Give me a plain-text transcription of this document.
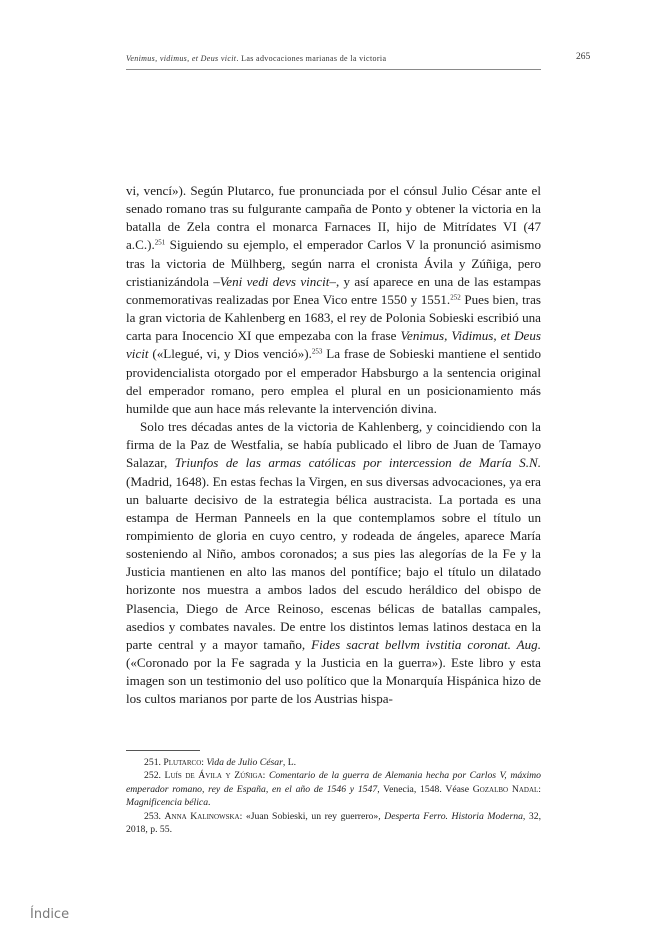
Venimus, vidimus, et Deus vicit. Las advocaciones marianas de la victoria	265

vi, vencí»). Según Plutarco, fue pronunciada por el cónsul Julio César ante el senado romano tras su fulgurante campaña de Ponto y obtener la victoria en la batalla de Zela contra el monarca Farnaces II, hijo de Mitrídates VI (47 a.C.).$^{251}$ Siguiendo su ejemplo, el emperador Carlos V la pronunció asimismo tras la victoria de Mülhberg, según narra el cronista Ávila y Zúñiga, pero cristianizándola –Veni vedi devs vincit–, y así aparece en una de las estampas conmemorativas realizadas por Enea Vico entre 1550 y 1551.$^{252}$ Pues bien, tras la gran victoria de Kahlenberg en 1683, el rey de Polonia Sobieski escribió una carta para Inocencio XI que empezaba con la frase Venimus, Vidimus, et Deus vicit («Llegué, vi, y Dios venció»).$^{253}$ La frase de Sobieski mantiene el sentido providencialista otorgado por el emperador Habsburgo a la sentencia original del emperador romano, pero emplea el plural en un posicionamiento más humilde que aun hace más relevante la intervención divina.

Solo tres décadas antes de la victoria de Kahlenberg, y coincidiendo con la firma de la Paz de Westfalia, se había publicado el libro de Juan de Tamayo Salazar, Triunfos de las armas católicas por intercession de María S.N. (Madrid, 1648). En estas fechas la Virgen, en sus diversas advocaciones, ya era un baluarte decisivo de la estrategia bélica austracista. La portada es una estampa de Herman Panneels en la que contemplamos sobre el título un rompimiento de gloria en cuyo centro, y rodeada de ángeles, aparece María sosteniendo al Niño, ambos coronados; a sus pies las alegorías de la Fe y la Justicia mantienen en alto las manos del pontífice; bajo el título un dilatado horizonte nos muestra a ambos lados del escudo heráldico del obispo de Plasencia, Diego de Arce Reinoso, escenas bélicas de batallas campales, asedios y combates navales. De entre los distintos lemas latinos destaca en la parte central y a mayor tamaño, Fides sacrat bellvm ivstitia coronat. Aug. («Coronado por la Fe sagrada y la Justicia en la guerra»). Este libro y esta imagen son un testimonio del uso político que la Monarquía Hispánica hizo de los cultos marianos por parte de los Austrias hispa-

251. Plutarco: Vida de Julio César, L.

252. Luís de Ávila y Zúñiga: Comentario de la guerra de Alemania hecha por Carlos V, máximo emperador romano, rey de España, en el año de 1546 y 1547, Venecia, 1548. Véase Gozalbo Nadal: Magnificencia bélica.

253. Anna Kalinowska: «Juan Sobieski, un rey guerrero», Desperta Ferro. Historia Moderna, 32, 2018, p. 55.

Índice
